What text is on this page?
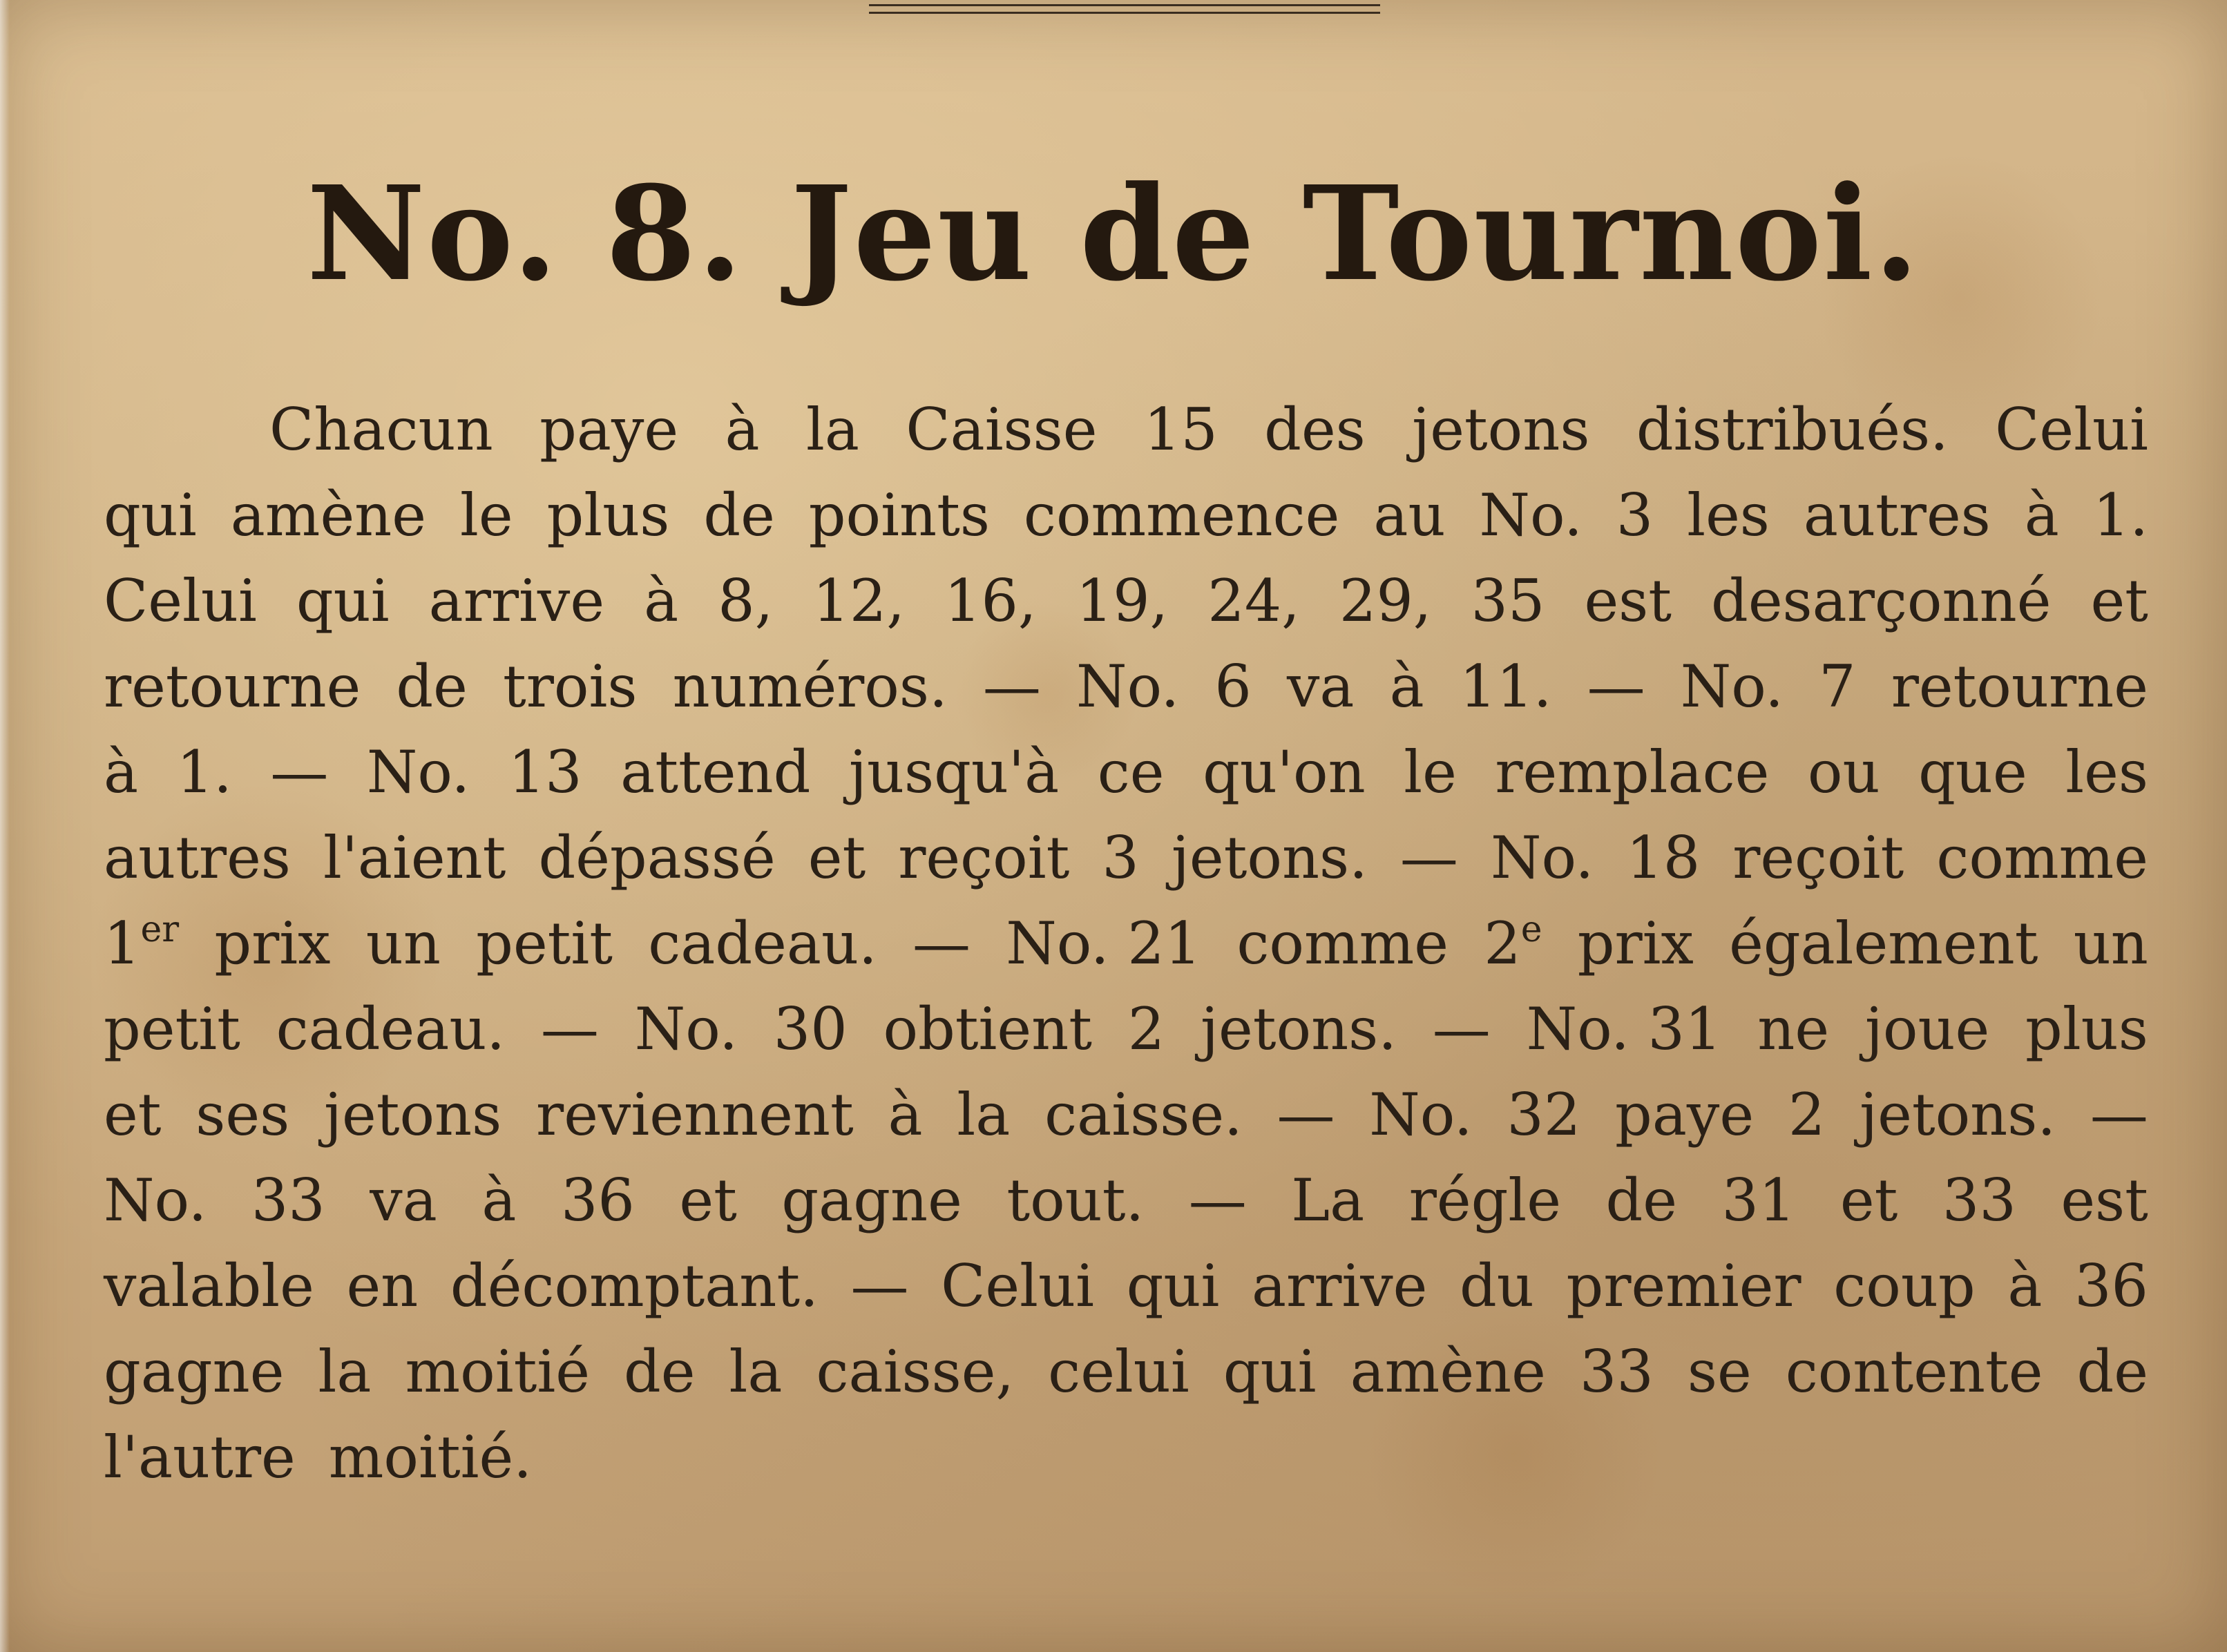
No. 8. Jeu de Tournoi.
Chacun paye à la Caisse 15 des jetons distribués. Celui
qui amène le plus de points commence au No. 3 les autres à 1.
Celui qui arrive à 8, 12, 16, 19, 24, 29, 35 est desarçonné et
retourne de trois numéros. — No. 6 va à 11. — No. 7 retourne
à 1. — No. 13 attend jusqu'à ce qu'on le remplace ou que les
autres l'aient dépassé et reçoit 3 jetons. — No. 18 reçoit comme
1er prix un petit cadeau. — No. 21 comme 2e prix également un
petit cadeau. — No. 30 obtient 2 jetons. — No. 31 ne joue plus
et ses jetons reviennent à la caisse. — No. 32 paye 2 jetons. —
No. 33 va à 36 et gagne tout. — La régle de 31 et 33 est
valable en décomptant. — Celui qui arrive du premier coup à 36
gagne la moitié de la caisse, celui qui amène 33 se contente de
l'autre moitié.
